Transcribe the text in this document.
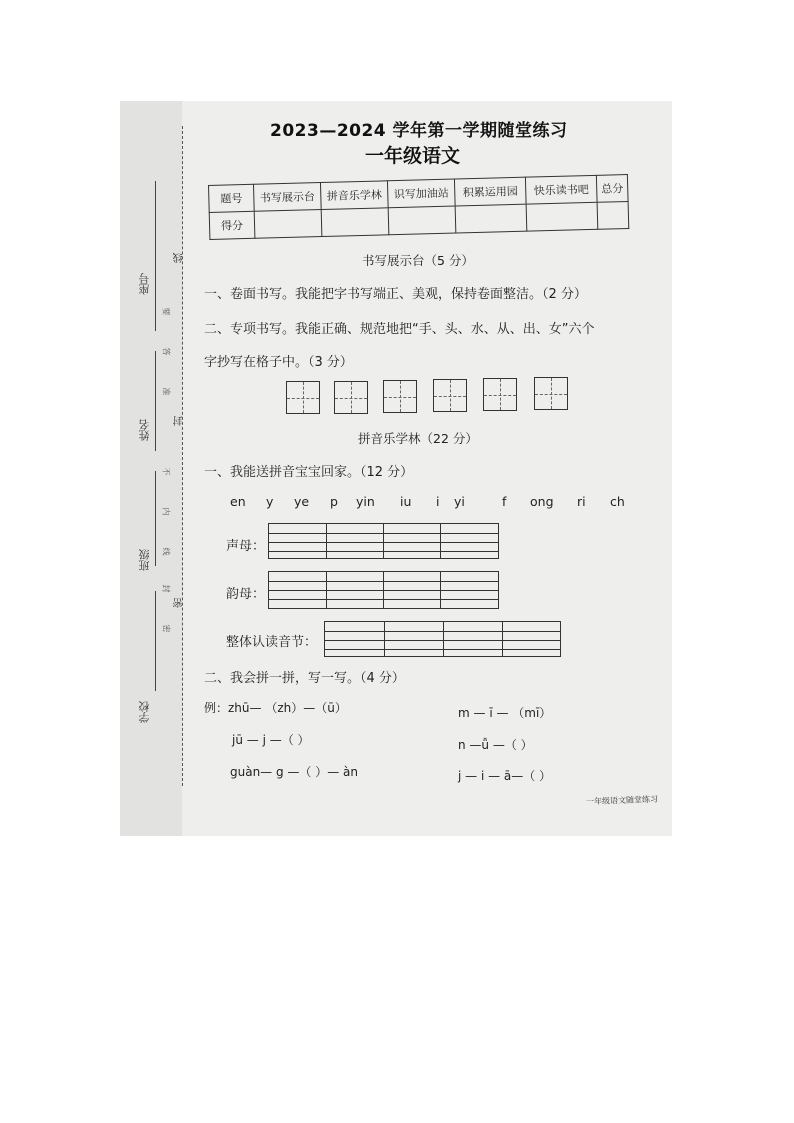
座号
姓名
班级
学校
线
封
密
要
答
准
不
内
线
封
密
2023—2024 学年第一学期随堂练习
一年级语文
题号	书写展示台	拼音乐学林	识写加油站	积累运用园	快乐读书吧	总分
得分						
书写展示台（5 分）
一、卷面书写。我能把字书写端正、美观，保持卷面整洁。（2 分）
二、专项书写。我能正确、规范地把“手、头、水、从、出、女”六个
字抄写在格子中。（3 分）
拼音乐学林（22 分）
一、我能送拼音宝宝回家。（12 分）
en y ye p yin iu i yi	f ong ri ch
声母：
韵母：
整体认读音节：
二、我会拼一拼，写一写。（4 分）
例：zhū— （zh）—（ū）	m — ī — （mī）
jū — j —（ ）	n —ǚ —（ ）
guàn— g —（ ）— àn	j — i — ā—（ ）
一年级语文随堂练习
